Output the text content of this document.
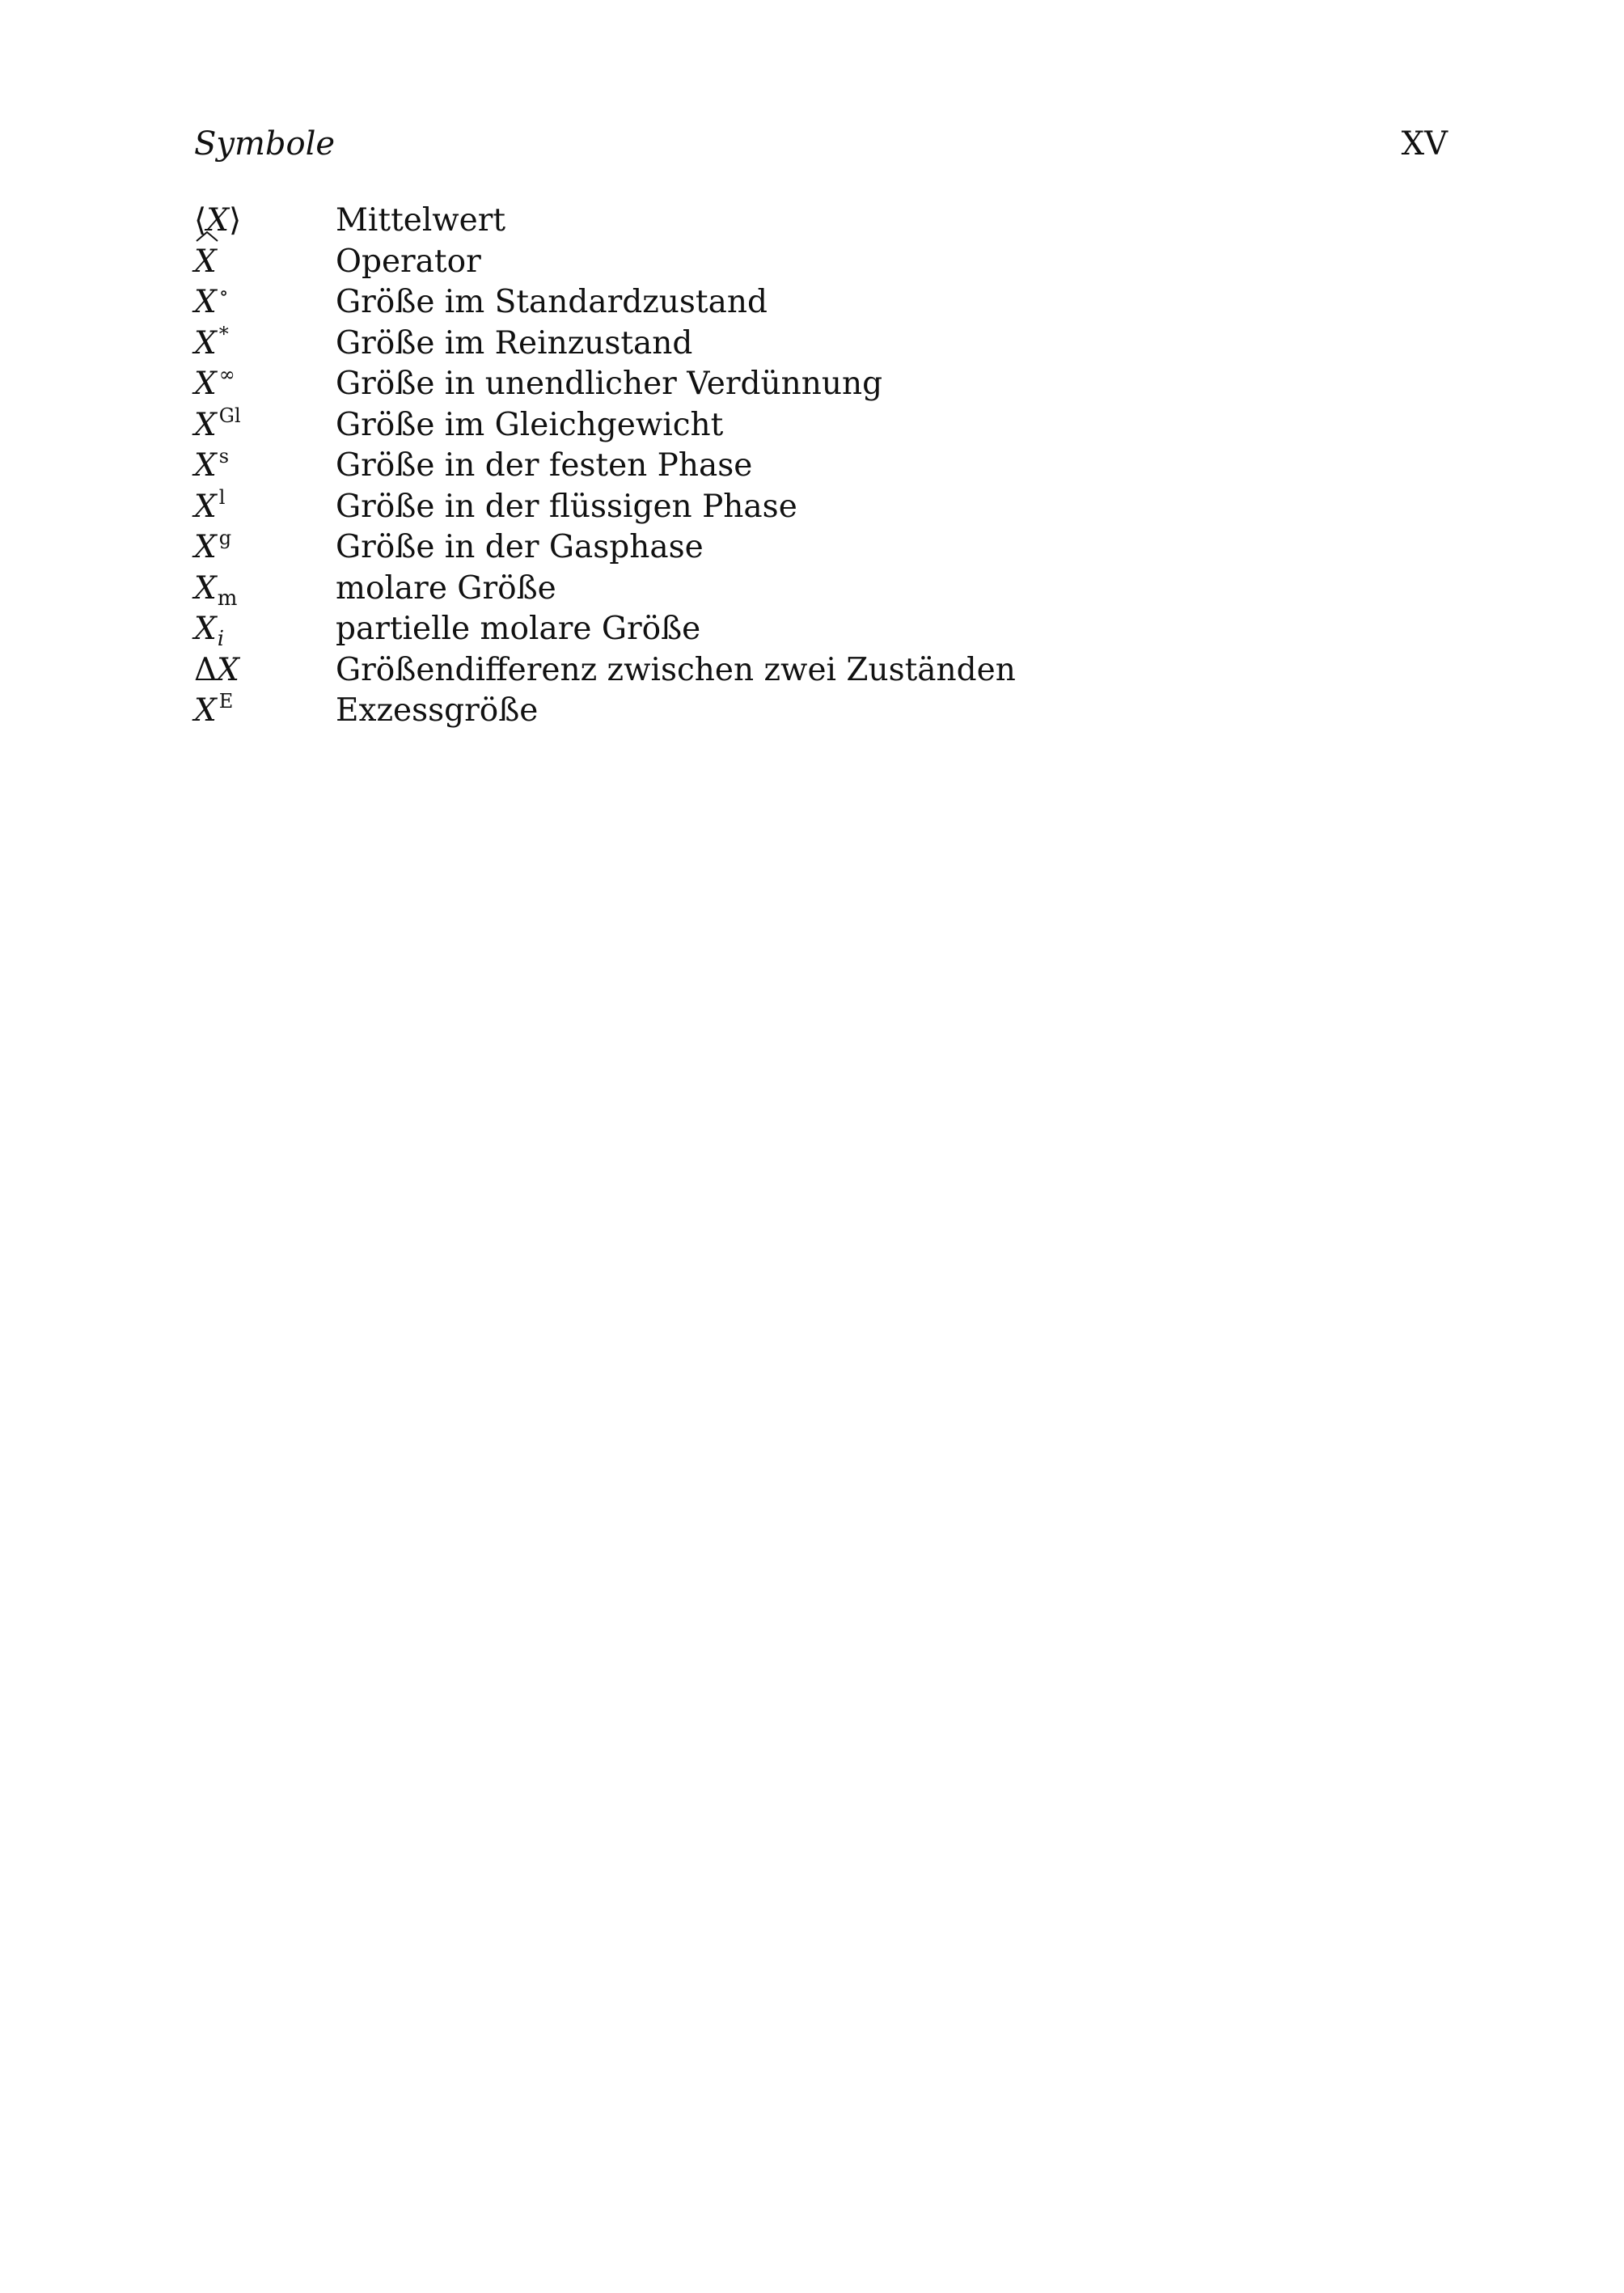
Symbole	XV
⟨X⟩	Mittelwert
X	Operator
X ∘	Größe im Standardzustand
X *	Größe im Reinzustand
X ∞	Größe in unendlicher Verdünnung
X $^{Gl}$	Größe im Gleichgewicht
X $^s$	Größe in der festen Phase
X $^l$	Größe in der flüssigen Phase
X $^g$	Größe in der Gasphase
$X_m$	molare Größe
$X_i$	partielle molare Größe
ΔX	Größendifferenz zwischen zwei Zuständen
X $^E$	Exzessgröße
